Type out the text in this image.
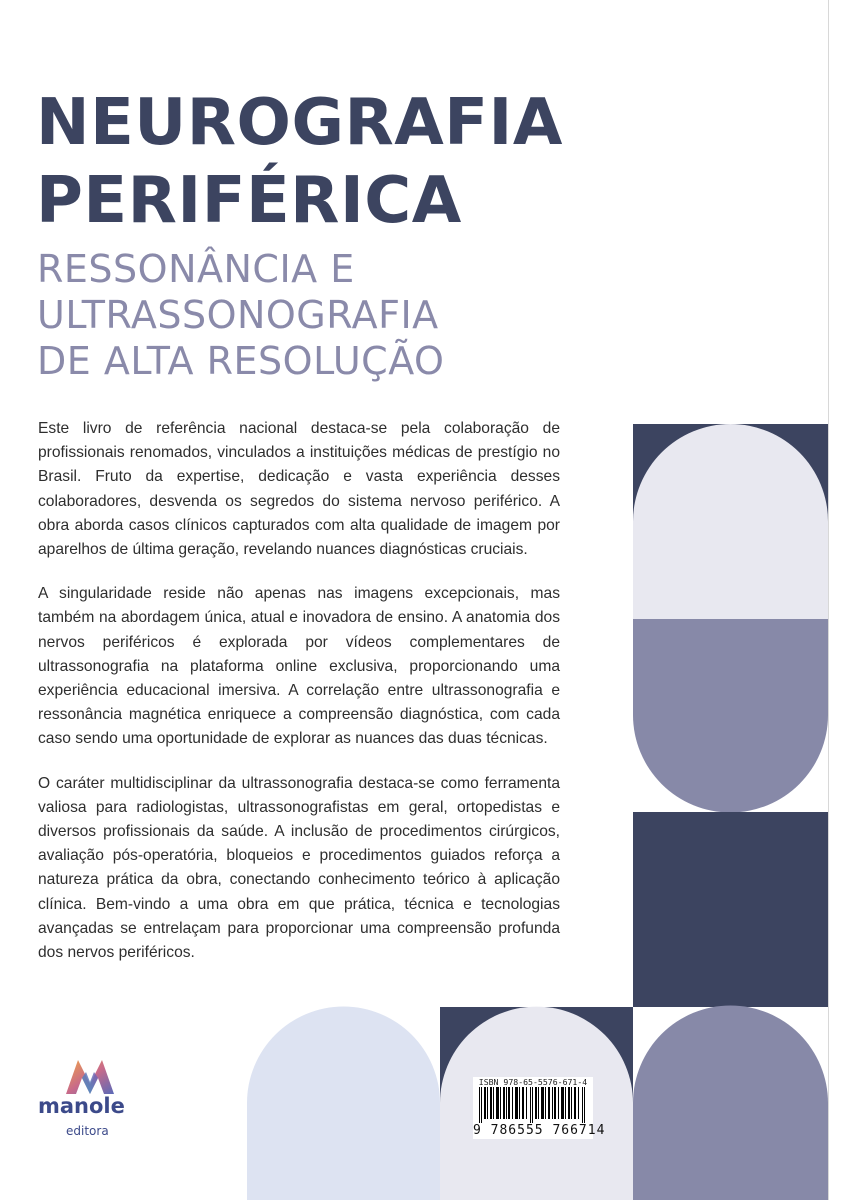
NEUROGRAFIA
PERIFÉRICA
RESSONÂNCIA E
ULTRASSONOGRAFIA
DE ALTA RESOLUÇÃO

Este livro de referência nacional destaca-se pela colaboração de profissionais renomados, vinculados a instituições médicas de prestígio no Brasil. Fruto da expertise, dedicação e vasta experiência desses colaboradores, desvenda os segredos do sistema nervoso periférico. A obra aborda casos clínicos capturados com alta qualidade de imagem por aparelhos de última geração, revelando nuances diagnósticas cruciais.

A singularidade reside não apenas nas imagens excepcionais, mas também na abordagem única, atual e inovadora de ensino. A anatomia dos nervos periféricos é explorada por vídeos complementares de ultrassonografia na plataforma online exclusiva, proporcionando uma experiência educacional imersiva. A correlação entre ultrassonografia e ressonância magnética enriquece a compreensão diagnóstica, com cada caso sendo uma oportunidade de explorar as nuances das duas técnicas.

O caráter multidisciplinar da ultrassonografia destaca-se como ferramenta valiosa para radiologistas, ultrassonografistas em geral, ortopedistas e diversos profissionais da saúde. A inclusão de procedimentos cirúrgicos, avaliação pós-operatória, bloqueios e procedimentos guiados reforça a natureza prática da obra, conectando conhecimento teórico à aplicação clínica. Bem-vindo a uma obra em que prática, técnica e tecnologias avançadas se entrelaçam para proporcionar uma compreensão profunda dos nervos periféricos.

manole
editora
ISBN 978-65-5576-671-4
9 786555 766714
